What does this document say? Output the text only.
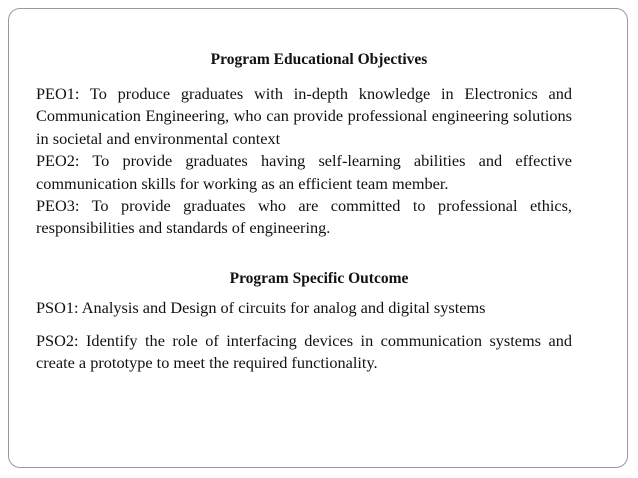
Program Educational Objectives

PEO1: To produce graduates with in-depth knowledge in Electronics and Communication Engineering, who can provide professional engineering solutions in societal and environmental context

PEO2: To provide graduates having self-learning abilities and effective communication skills for working as an efficient team member.

PEO3: To provide graduates who are committed to professional ethics, responsibilities and standards of engineering.

Program Specific Outcome

PSO1: Analysis and Design of circuits for analog and digital systems

PSO2: Identify the role of interfacing devices in communication systems and create a prototype to meet the required functionality.
